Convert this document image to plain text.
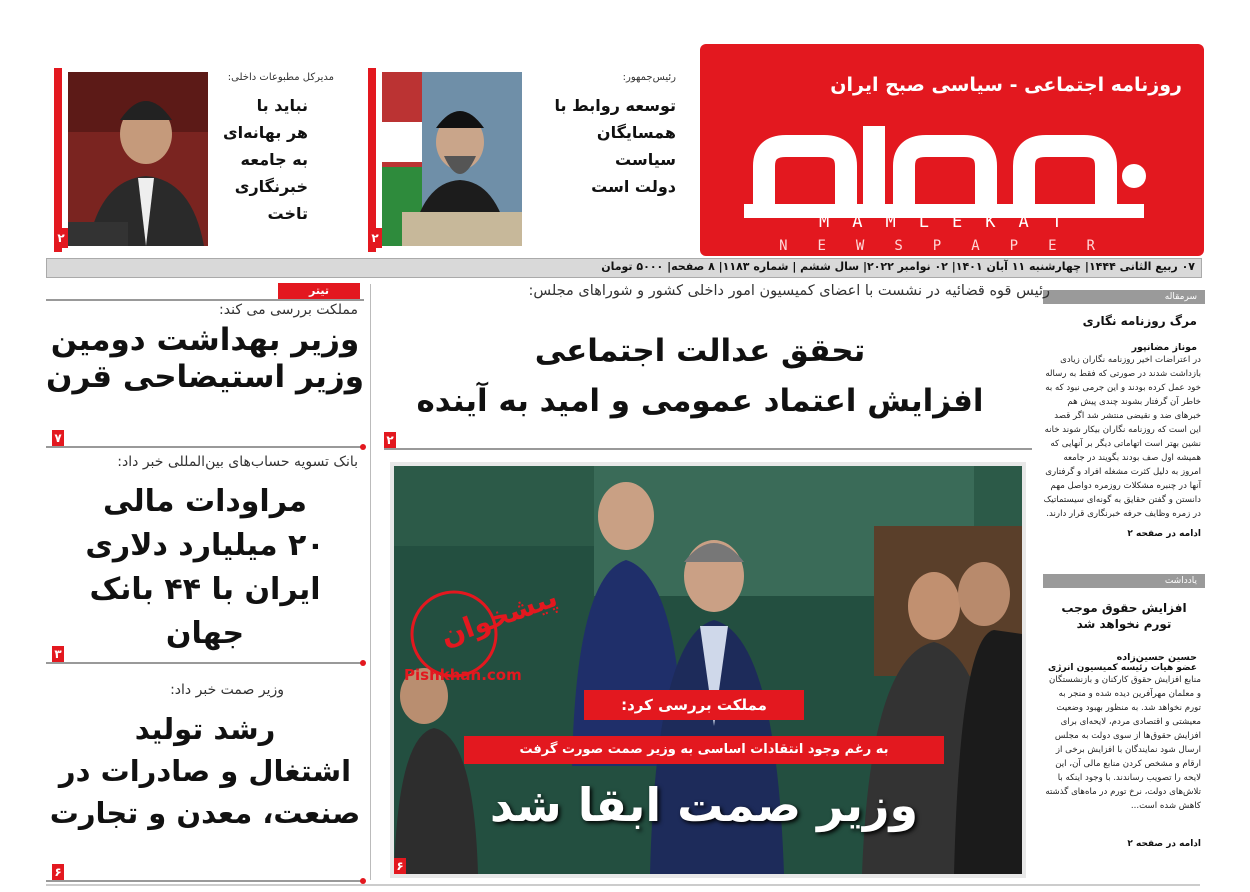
روزنامه اجتماعی - سیاسی صبح ایران
مملکت
MAMLEKAT
NEWSPAPER
رئیس‌جمهور:
توسعه روابط با
همسایگان
سیاست
دولت است
۲
مدیرکل مطبوعات داخلی:
نباید با
هر بهانه‌ای
به جامعه
خبرنگاری
تاخت
۲
۰۷ ربیع الثانی ۱۴۴۴| چهارشنبه ۱۱ آبان ۱۴۰۱| ۰۲ نوامبر ۲۰۲۲| سال ششم | شماره ۱۱۸۳| ۸ صفحه| ۵۰۰۰ تومان
سرمقاله
مرگ روزنامه نگاری
موناز مضانپور
در اعتراضات اخیر روزنامه نگاران زیادی بازداشت شدند در صورتی که فقط به رساله خود عمل کرده بودند و این جرمی نبود که به خاطر آن گرفتار بشوند چندی پیش هم خبرهای ضد و نقیضی منتشر شد اگر قصد این است که روزنامه نگاران بیکار شوند خانه نشین بهتر است اتهاماتی دیگر بر آنهایی که همیشه اول صف بودند بگویند در جامعه امروز به دلیل کثرت مشغله افراد و گرفتاری آنها در چنبره مشکلات روزمره دواصل مهم دانستن و گفتن حقایق به گونه‌ای سیستماتیک در زمره وظایف حرفه خبرنگاری قرار دارند.
ادامه در صفحه ۲
یادداشت
افزایش حقوق موجب تورم نخواهد شد
حسین حسین‌زاده
عضو هیات رئیسه کمیسیون انرژی
منابع افزایش حقوق کارکنان و بازنشستگان و معلمان مهرآفرین دیده شده و منجر به تورم نخواهد شد. به منظور بهبود وضعیت معیشتی و اقتصادی مردم، لایحه‌ای برای افزایش حقوق‌ها از سوی دولت به مجلس ارسال شود نمایندگان با افزایش برخی از ارقام و مشخص کردن منابع مالی آن، این لایحه را تصویب رساندند. با وجود اینکه با تلاش‌های دولت، نرخ تورم در ماه‌های گذشته کاهش شده است...
ادامه در صفحه ۲
تیتر
مملکت بررسی می کند:
وزیر بهداشت دومین
وزیر استیضاحی قرن
۷
بانک تسویه حساب‌های بین‌المللی خبر داد:
مراودات مالی
۲۰ میلیارد دلاری
ایران با ۴۴ بانک جهان
۳
وزیر صمت خبر داد:
رشد تولید
اشتغال و صادرات در
صنعت، معدن و تجارت
۶
رئیس قوه قضائیه در نشست با اعضای کمیسیون امور داخلی کشور و شوراهای مجلس:
تحقق عدالت اجتماعی
افزایش اعتماد عمومی و امید به آینده
۲
پیشخوان
Pishkhan.com
مملکت بررسی کرد:
به رغم وجود انتقادات اساسی به وزیر صمت صورت گرفت
وزیر صمت ابقا شد
۶
